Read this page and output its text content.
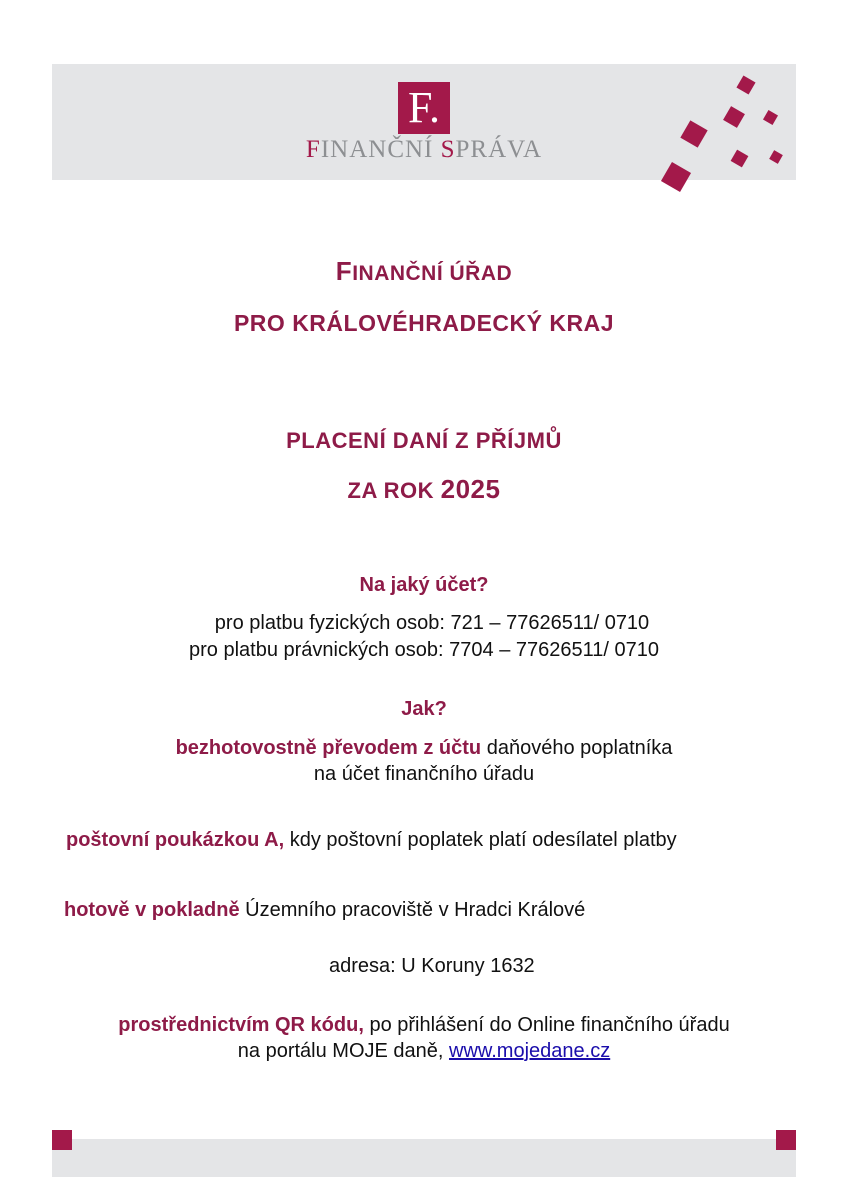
F.
FINANČNÍ SPRÁVA
FINANČNÍ ÚŘAD
PRO KRÁLOVÉHRADECKÝ KRAJ
PLACENÍ DANÍ Z PŘÍJMŮ
ZA ROK 2025
Na jaký účet?
pro platbu fyzických osob: 721 – 77626511/ 0710
pro platbu právnických osob: 7704 – 77626511/ 0710
Jak?
bezhotovostně převodem z účtu daňového poplatníka
na účet finančního úřadu
poštovní poukázkou A, kdy poštovní poplatek platí odesílatel platby
hotově v pokladně Územního pracoviště v Hradci Králové
adresa: U Koruny 1632
prostřednictvím QR kódu, po přihlášení do Online finančního úřadu
na portálu MOJE daně, www.mojedane.cz
